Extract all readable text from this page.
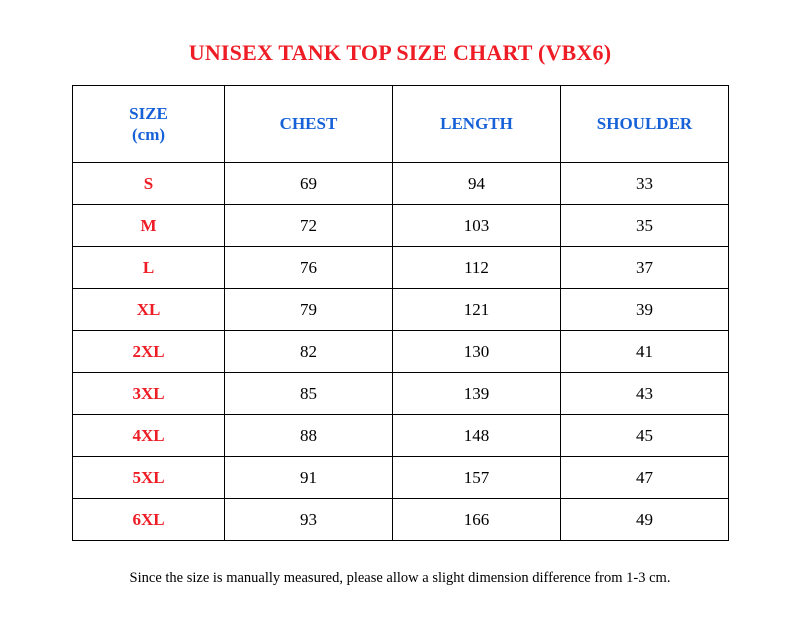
UNISEX TANK TOP SIZE CHART (VBX6)
SIZE
(cm)	CHEST	LENGTH	SHOULDER
S	69	94	33
M	72	103	35
L	76	112	37
XL	79	121	39
2XL	82	130	41
3XL	85	139	43
4XL	88	148	45
5XL	91	157	47
6XL	93	166	49
Since the size is manually measured, please allow a slight dimension difference from 1-3 cm.
